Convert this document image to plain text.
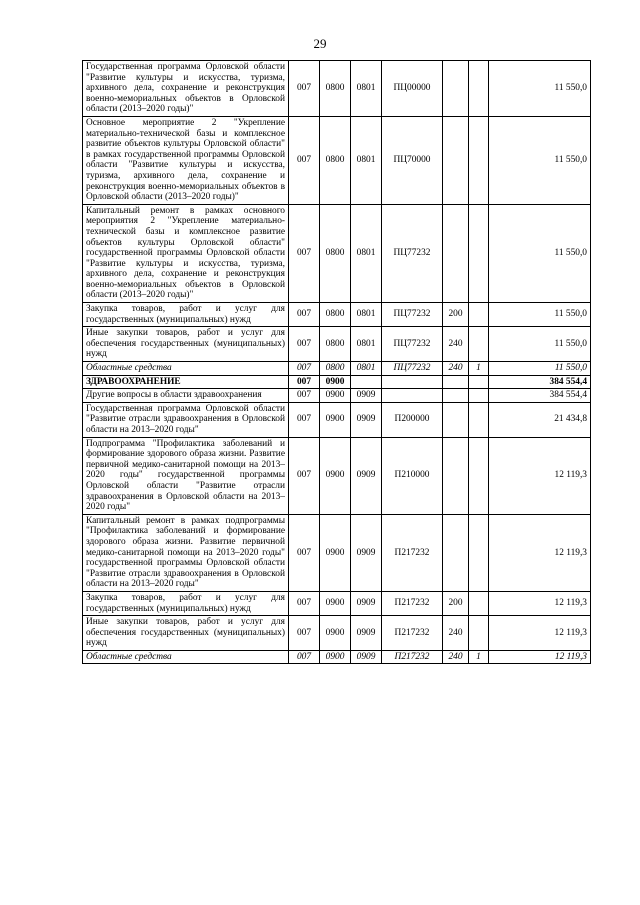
29
Государственная программа Орловской области "Развитие культуры и искусства, туризма, архивного дела, сохранение и реконструкция военно-мемориальных объектов в Орловской области (2013–2020 годы)"	007	0800	0801	ПЦ00000			11 550,0
Основное мероприятие 2 "Укрепление материально-технической базы и комплексное развитие объектов культуры Орловской области" в рамках государственной программы Орловской области "Развитие культуры и искусства, туризма, архивного дела, сохранение и реконструкция военно-мемориальных объектов в Орловской области (2013–2020 годы)"	007	0800	0801	ПЦ70000			11 550,0
Капитальный ремонт в рамках основного мероприятия 2 "Укрепление материально-технической базы и комплексное развитие объектов культуры Орловской области" государственной программы Орловской области "Развитие культуры и искусства, туризма, архивного дела, сохранение и реконструкция военно-мемориальных объектов в Орловской области (2013–2020 годы)"	007	0800	0801	ПЦ77232			11 550,0
Закупка товаров, работ и услуг для государственных (муниципальных) нужд	007	0800	0801	ПЦ77232	200		11 550,0
Иные закупки товаров, работ и услуг для обеспечения государственных (муниципальных) нужд	007	0800	0801	ПЦ77232	240		11 550,0
Областные средства	007	0800	0801	ПЦ77232	240	1	11 550,0
ЗДРАВООХРАНЕНИЕ	007	0900					384 554,4
Другие вопросы в области здравоохранения	007	0900	0909				384 554,4
Государственная программа Орловской области "Развитие отрасли здравоохранения в Орловской области на 2013–2020 годы"	007	0900	0909	П200000			21 434,8
Подпрограмма "Профилактика заболеваний и формирование здорового образа жизни. Развитие первичной медико-санитарной помощи на 2013–2020 годы" государственной программы Орловской области "Развитие отрасли здравоохранения в Орловской области на 2013–2020 годы"	007	0900	0909	П210000			12 119,3
Капитальный ремонт в рамках подпрограммы "Профилактика заболеваний и формирование здорового образа жизни. Развитие первичной медико-санитарной помощи на 2013–2020 годы" государственной программы Орловской области "Развитие отрасли здравоохранения в Орловской области на 2013–2020 годы"	007	0900	0909	П217232			12 119,3
Закупка товаров, работ и услуг для государственных (муниципальных) нужд	007	0900	0909	П217232	200		12 119,3
Иные закупки товаров, работ и услуг для обеспечения государственных (муниципальных) нужд	007	0900	0909	П217232	240		12 119,3
Областные средства	007	0900	0909	П217232	240	1	12 119,3
